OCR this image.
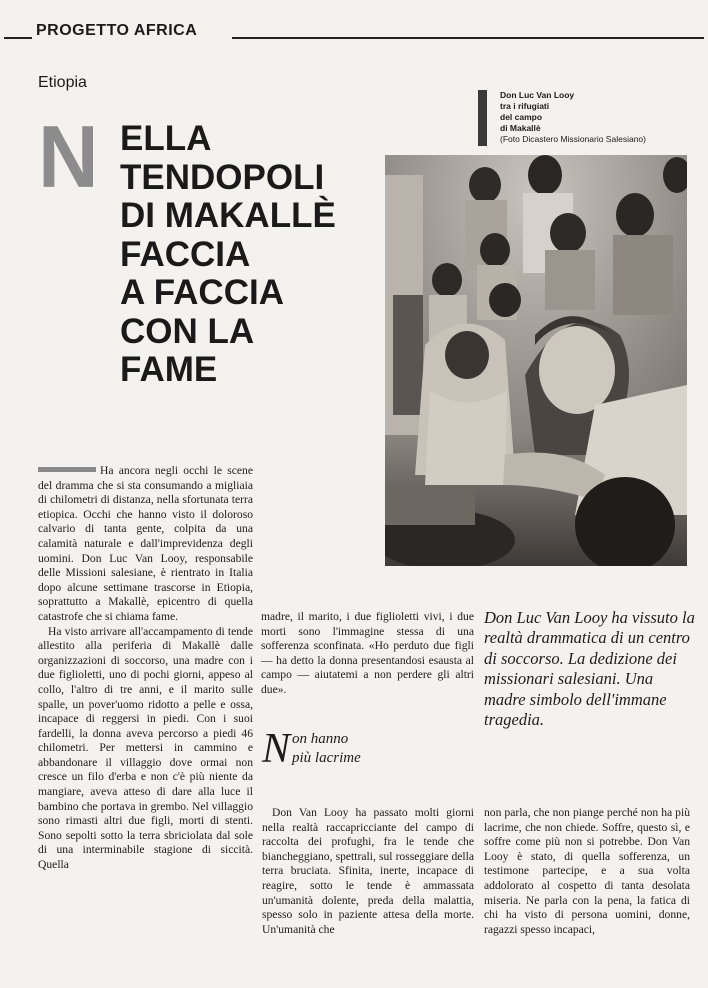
PROGETTO AFRICA
Etiopia
N ELLA
TENDOPOLI
DI MAKALLÈ
FACCIA
A FACCIA
CON LA
FAME
Don Luc Van Looy
tra i rifugiati
del campo
di Makallè
(Foto Dicastero Missionario Salesiano)

Ha ancora negli occhi le scene del dramma che si sta consumando a migliaia di chilometri di distanza, nella sfortunata terra etiopica. Occhi che hanno visto il doloroso calvario di tanta gente, colpita da una calamità naturale e dall'imprevidenza degli uomini. Don Luc Van Looy, responsabile delle Missioni salesiane, è rientrato in Italia dopo alcune settimane trascorse in Etiopia, soprattutto a Makallè, epicentro di quella catastrofe che si chiama fame.

Ha visto arrivare all'accampamento di tende allestito alla periferia di Makallè dalle organizzazioni di soccorso, una madre con i due figlioletti, uno di pochi giorni, appeso al collo, l'altro di tre anni, e il marito sulle spalle, un pover'uomo ridotto a pelle e ossa, incapace di reggersi in piedi. Con i suoi fardelli, la donna aveva percorso a piedi 46 chilometri. Per mettersi in cammino e abbandonare il villaggio dove ormai non cresce un filo d'erba e non c'è più niente da mangiare, aveva atteso di dare alla luce il bambino che portava in grembo. Nel villaggio sono rimasti altri due figli, morti di stenti. Sono sepolti sotto la terra sbriciolata dal sole di una interminabile stagione di siccità. Quella

madre, il marito, i due figlioletti vivi, i due morti sono l'immagine stessa di una sofferenza sconfinata. «Ho perduto due figli — ha detto la donna presentandosi esausta al campo — aiutatemi a non perdere gli altri due».

Don Luc Van Looy ha vissuto la realtà drammatica di un centro di soccorso. La dedizione dei missionari salesiani. Una madre simbolo dell'immane tragedia.
Non hanno
più lacrime

Don Van Looy ha passato molti giorni nella realtà raccapricciante del campo di raccolta dei profughi, fra le tende che biancheggiano, spettrali, sul rosseggiare della terra bruciata. Sfinita, inerte, incapace di reagire, sotto le tende è ammassata un'umanità dolente, preda della malattia, spesso solo in paziente attesa della morte. Un'umanità che

non parla, che non piange perché non ha più lacrime, che non chiede. Soffre, questo sì, e soffre come più non si potrebbe. Don Van Looy è stato, di quella sofferenza, un testimone partecipe, e a sua volta addolorato al cospetto di tanta desolata miseria. Ne parla con la pena, la fatica di chi ha visto di persona uomini, donne, ragazzi spesso incapaci,
